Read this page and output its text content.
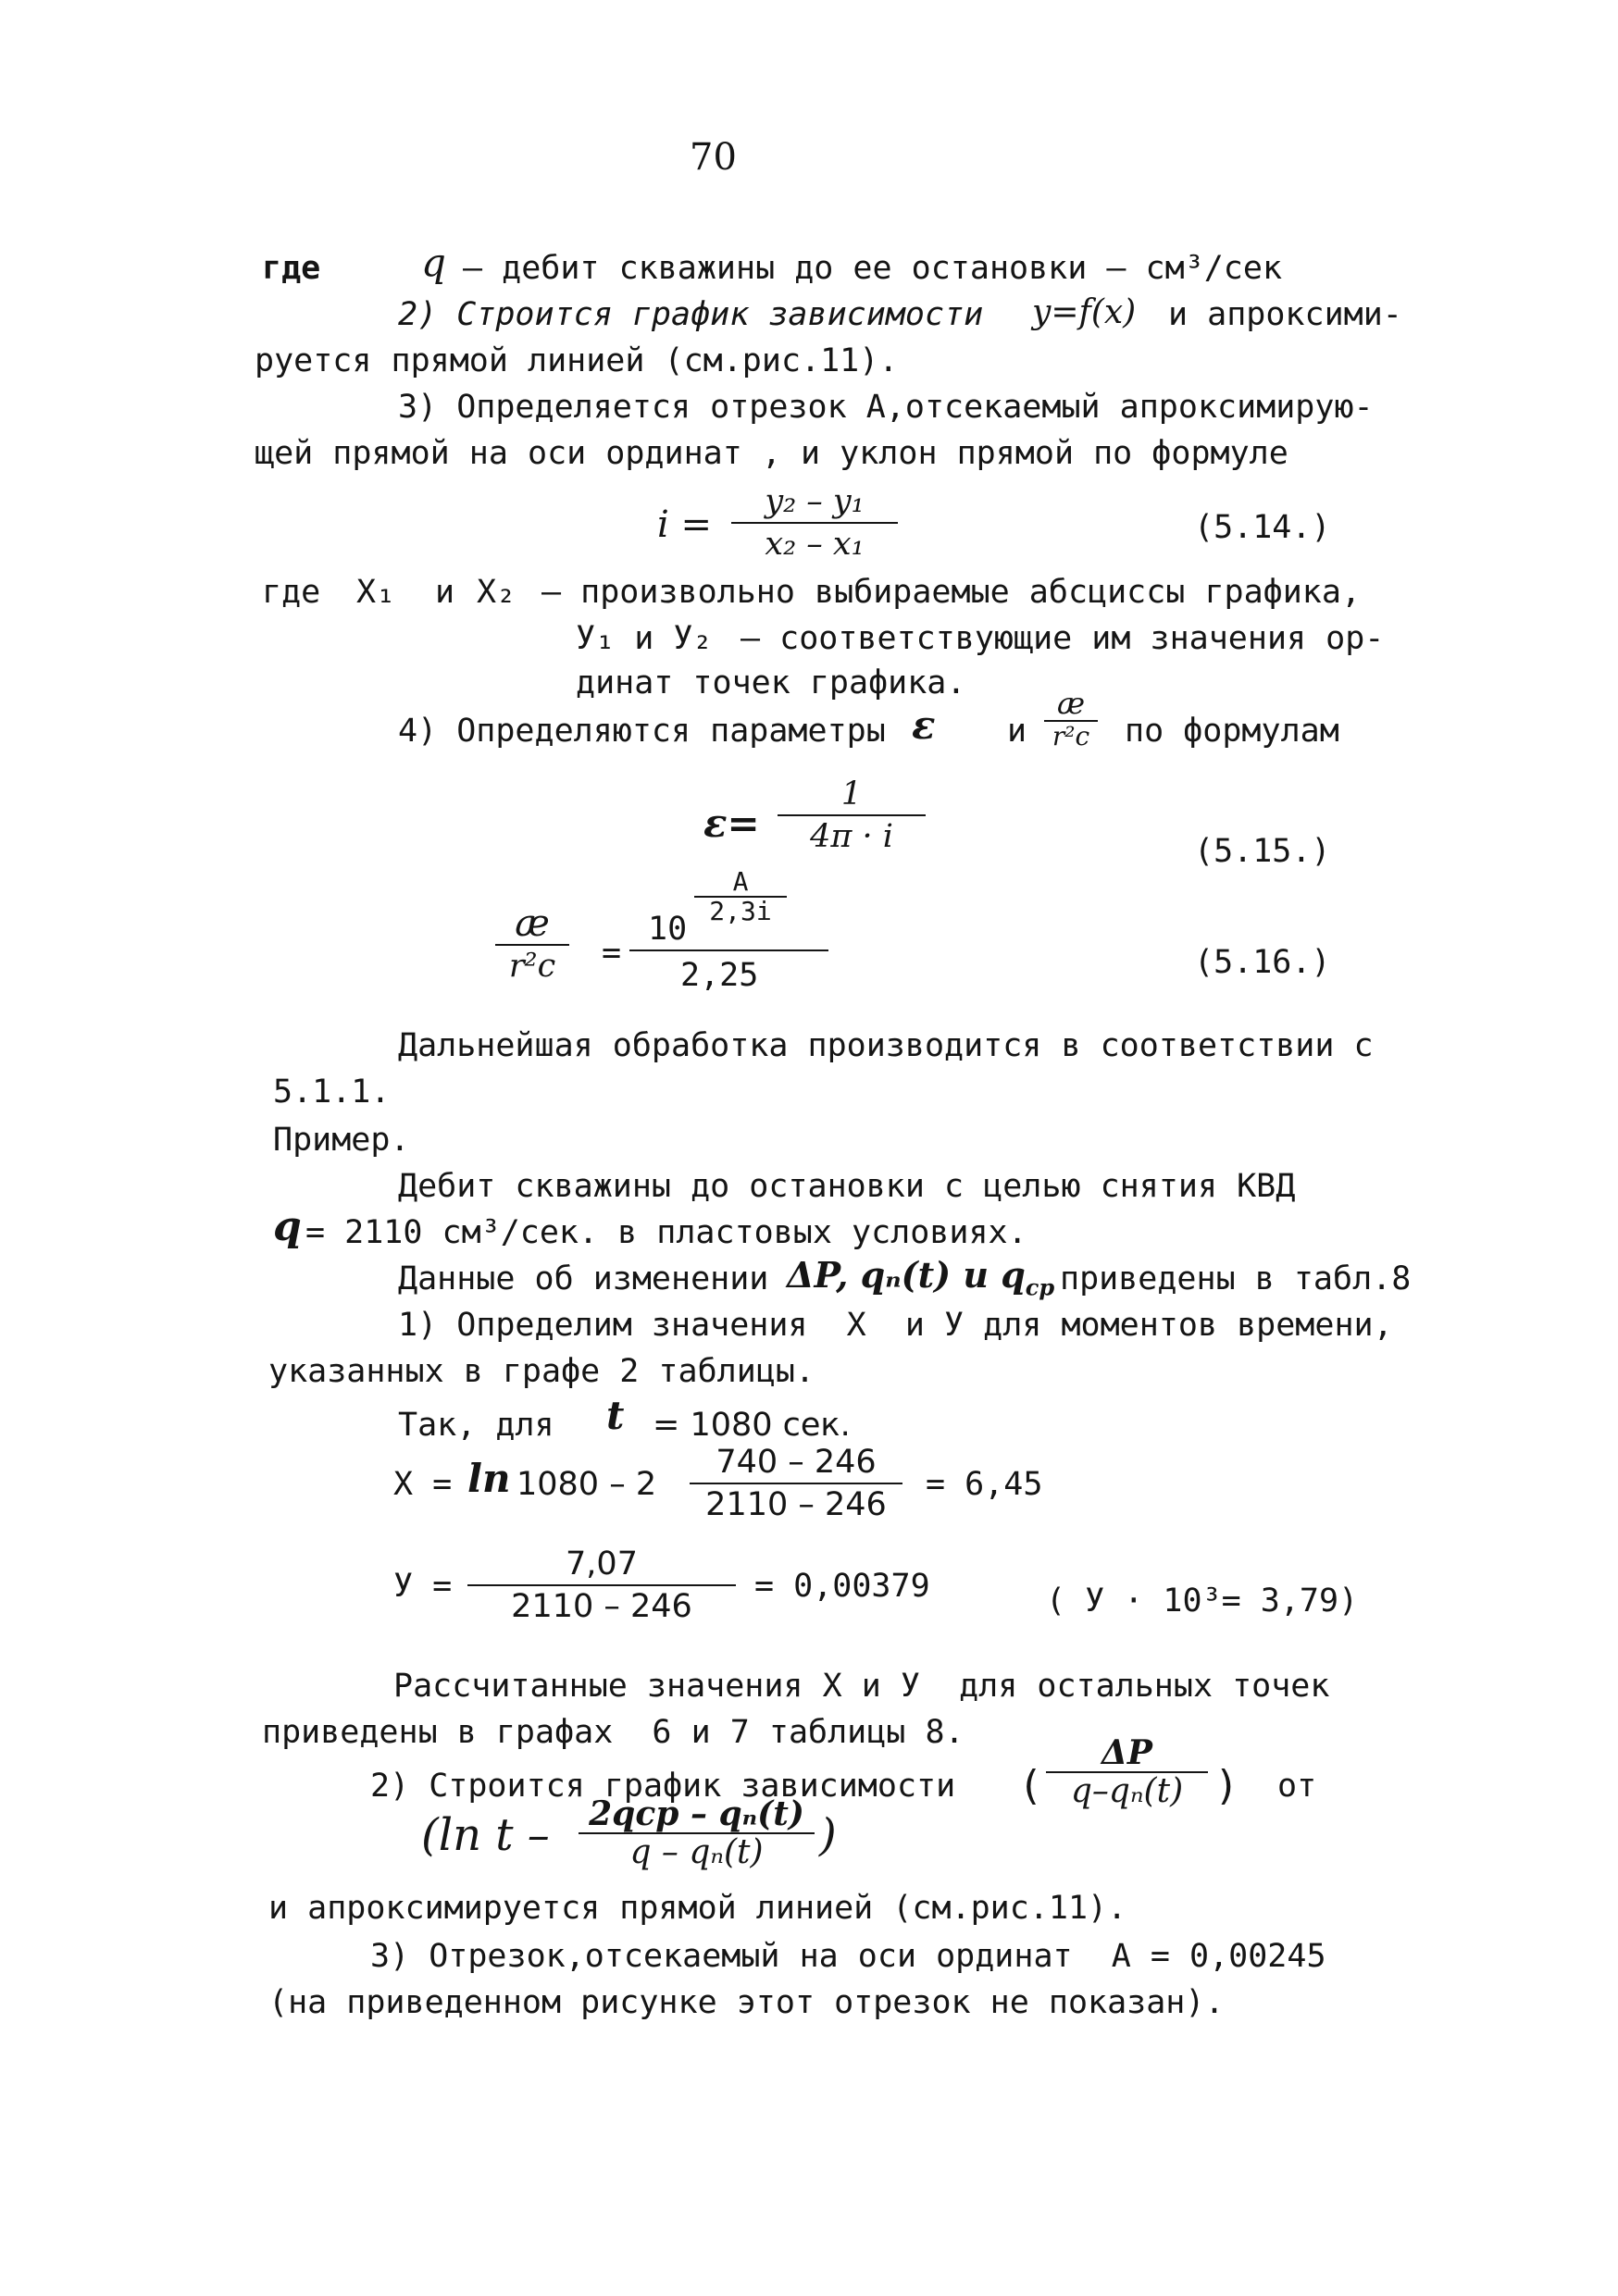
70
где	q – дебит скважины до ее остановки – см³/сек
2) Строится график зависимости y=f(x) и апроксими-
руется прямой линией (см.рис.11).
3) Определяется отрезок А,отсекаемый апроксимирую-
щей прямой на оси ординат , и уклон прямой по формуле
i =
y₂ – y₁
x₂ – x₁	(5.14.)
где X₁ и X₂ – произвольно выбираемые абсциссы графика,
У₁ и У₂ – соответствующие им значения ор-
динат точек графика.
4) Определяются параметры ε и
æ
r²c по формулам
ε=
1
4π · i	(5.15.)
æ
r²c	=
10
A
2,3i
2,25	(5.16.)
Дальнейшая обработка производится в соответствии с
5.1.1.
Пример.
Дебит скважины до остановки с целью снятия КВД
q = 2110 см³/сек. в пластовых условиях.
Данные об изменении ΔP, qₙ(t) и $q_{ср}$ приведены в табл.8
1) Определим значения  X  и У для моментов времени,
указанных в графе 2 таблицы.
Так, для t = 1080 сек.
X = ln 1080 – 2
740 – 246
2110 – 246
= 6,45
У =
7,07
2110 – 246
= 0,00379	( У · 10³= 3,79)
Рассчитанные значения X и У  для остальных точек
приведены в графах  6 и 7 таблицы 8.
2) Строится график зависимости (
ΔP
q–qₙ(t) ) от
(ln t –	2qср – qₙ(t)
q – qₙ(t)	)
и апроксимируется прямой линией (см.рис.11).
3) Отрезок,отсекаемый на оси ординат  А = 0,00245
(на приведенном рисунке этот отрезок не показан).
